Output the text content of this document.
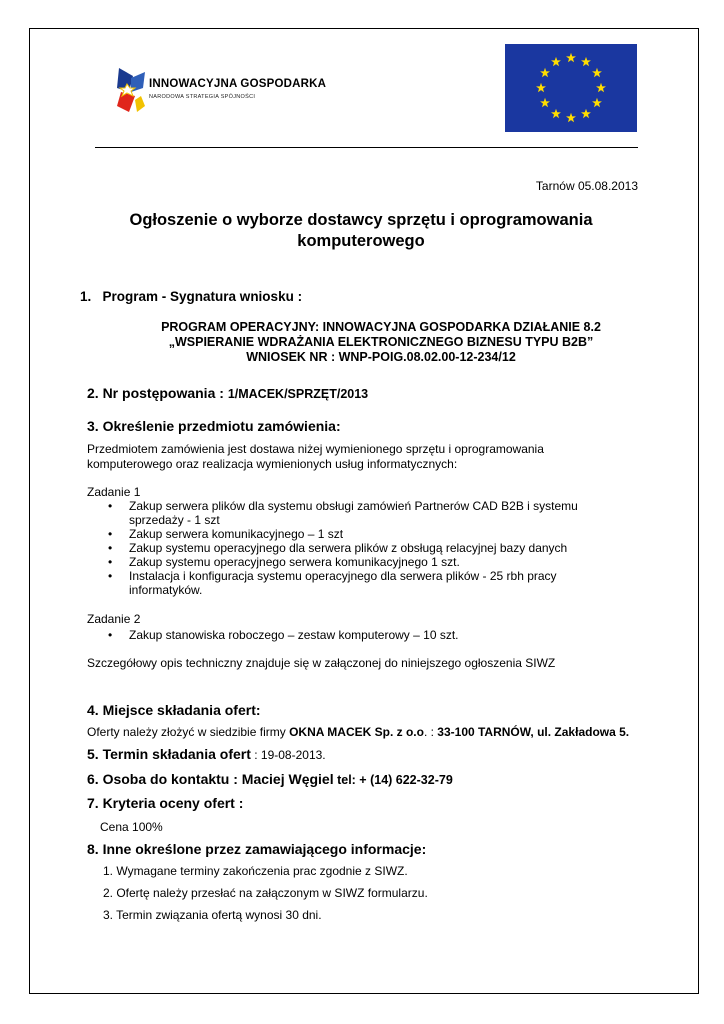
INNOWACYJNA GOSPODARKA
NARODOWA STRATEGIA SPÓJNOŚCI
Tarnów 05.08.2013
Ogłoszenie o wyborze dostawcy sprzętu i oprogramowania komputerowego
1. Program - Sygnatura wniosku :
PROGRAM OPERACYJNY: INNOWACYJNA GOSPODARKA DZIAŁANIE 8.2
„WSPIERANIE WDRAŻANIA ELEKTRONICZNEGO BIZNESU TYPU B2B”
WNIOSEK NR : WNP-POIG.08.02.00-12-234/12
2. Nr postępowania : 1/MACEK/SPRZĘT/2013
3. Określenie przedmiotu zamówienia:
Przedmiotem zamówienia jest dostawa niżej wymienionego sprzętu i oprogramowania komputerowego oraz realizacja wymienionych usług informatycznych:
Zadanie 1
• Zakup serwera plików dla systemu obsługi zamówień Partnerów CAD B2B i systemu sprzedaży - 1 szt
• Zakup serwera komunikacyjnego – 1 szt
• Zakup systemu operacyjnego dla serwera plików z obsługą relacyjnej bazy danych
• Zakup systemu operacyjnego serwera komunikacyjnego 1 szt.
• Instalacja i konfiguracja systemu operacyjnego dla serwera plików - 25 rbh pracy informatyków.
Zadanie 2
• Zakup stanowiska roboczego – zestaw komputerowy – 10 szt.
Szczegółowy opis techniczny znajduje się w załączonej do niniejszego ogłoszenia SIWZ
4. Miejsce składania ofert:
Oferty należy złożyć w siedzibie firmy OKNA MACEK Sp. z o.o. : 33-100 TARNÓW, ul. Zakładowa 5.
5. Termin składania ofert : 19-08-2013.
6. Osoba do kontaktu : Maciej Węgiel tel: + (14) 622-32-79
7. Kryteria oceny ofert :
Cena 100%
8. Inne określone przez zamawiającego informacje:
1. Wymagane terminy zakończenia prac zgodnie z SIWZ.
2. Ofertę należy przesłać na załączonym w SIWZ formularzu.
3. Termin związania ofertą wynosi 30 dni.
